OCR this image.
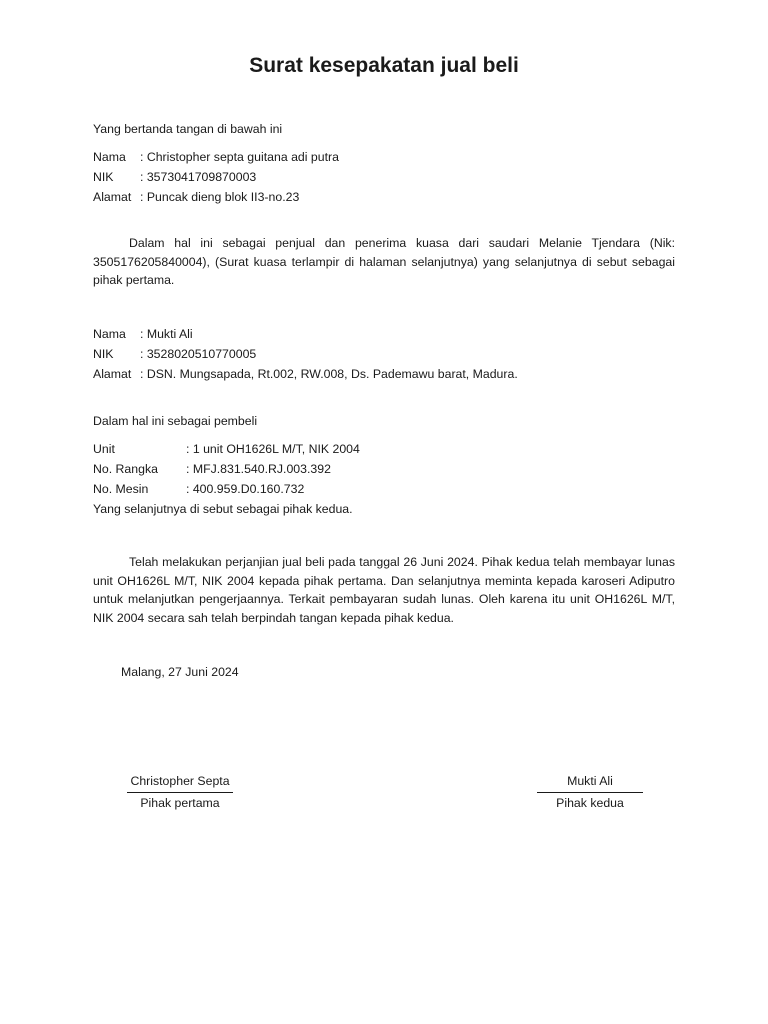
Surat kesepakatan jual beli
Yang bertanda tangan di bawah ini
Nama : Christopher septa guitana adi putra
NIK : 3573041709870003
Alamat : Puncak dieng blok II3-no.23
Dalam hal ini sebagai penjual dan penerima kuasa dari saudari Melanie Tjendara (Nik: 3505176205840004), (Surat kuasa terlampir di halaman selanjutnya) yang selanjutnya di sebut sebagai pihak pertama.
Nama : Mukti Ali
NIK : 3528020510770005
Alamat : DSN. Mungsapada, Rt.002, RW.008, Ds. Pademawu barat, Madura.
Dalam hal ini sebagai pembeli
Unit	: 1 unit OH1626L M/T, NIK 2004
No. Rangka : MFJ.831.540.RJ.003.392
No. Mesin	: 400.959.D0.160.732
Yang selanjutnya di sebut sebagai pihak kedua.
Telah melakukan perjanjian jual beli pada tanggal 26 Juni 2024. Pihak kedua telah membayar lunas unit OH1626L M/T, NIK 2004 kepada pihak pertama. Dan selanjutnya meminta kepada karoseri Adiputro untuk melanjutkan pengerjaannya. Terkait pembayaran sudah lunas. Oleh karena itu unit OH1626L M/T, NIK 2004 secara sah telah berpindah tangan kepada pihak kedua.
Malang, 27 Juni 2024
Christopher Septa
Pihak pertama
Mukti Ali
Pihak kedua
